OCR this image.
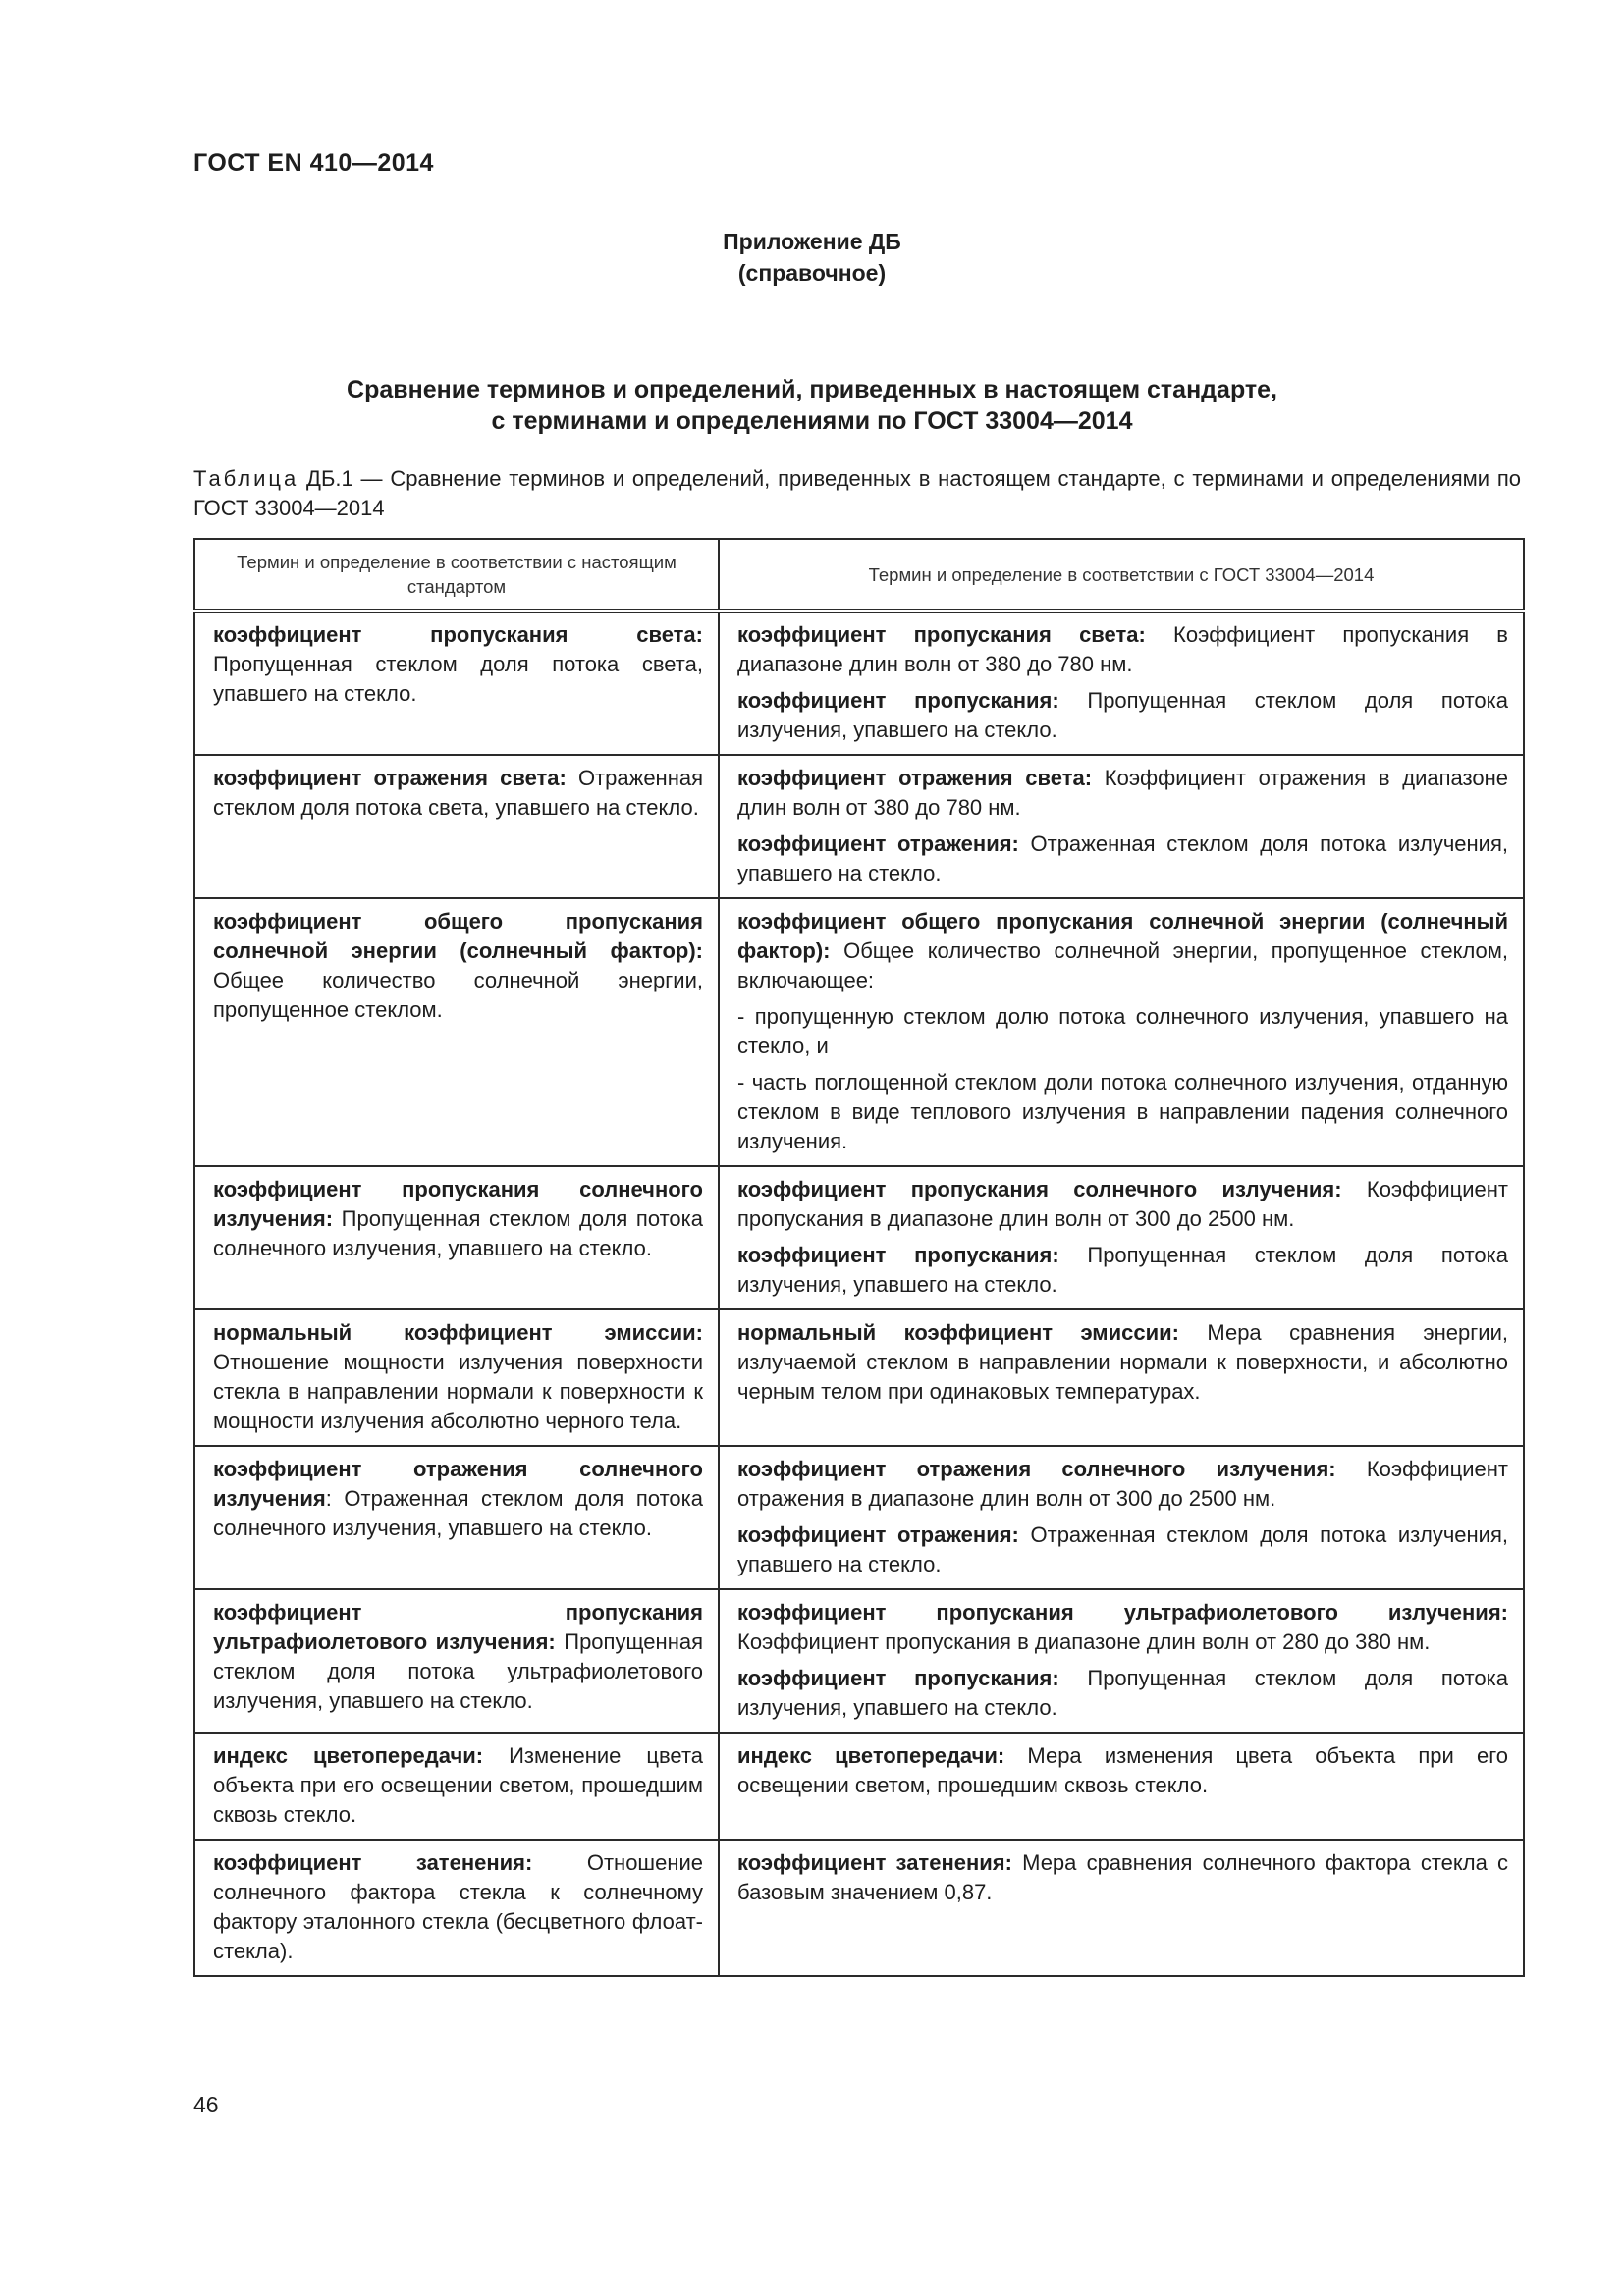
ГОСТ EN 410—2014
Приложение ДБ
(справочное)
Сравнение терминов и определений, приведенных в настоящем стандарте,
с терминами и определениями по ГОСТ 33004—2014
Таблица ДБ.1 — Сравнение терминов и определений, приведенных в настоящем стандарте, с терминами и определениями по ГОСТ 33004—2014
Термин и определение в соответствии с настоящим стандартом	Термин и определение в соответствии с ГОСТ 33004—2014

коэффициент пропускания света: Пропущенная стеклом доля потока света, упавшего на стекло.	коэффициент пропускания света: Коэффициент пропускания в диапазоне длин волн от 380 до 780 нм.

коэффициент пропускания: Пропущенная стеклом доля потока излучения, упавшего на стекло.

коэффициент отражения света: Отраженная стеклом доля потока света, упавшего на стекло.	коэффициент отражения света: Коэффициент отражения в диапазоне длин волн от 380 до 780 нм.

коэффициент отражения: Отраженная стеклом доля потока излучения, упавшего на стекло.

коэффициент общего пропускания солнечной энергии (солнечный фактор): Общее количество солнечной энергии, пропущенное стеклом.	коэффициент общего пропускания солнечной энергии (солнечный фактор): Общее количество солнечной энергии, пропущенное стеклом, включающее:

- пропущенную стеклом долю потока солнечного излучения, упавшего на стекло, и

- часть поглощенной стеклом доли потока солнечного излучения, отданную стеклом в виде теплового излучения в направлении падения солнечного излучения.

коэффициент пропускания солнечного излучения: Пропущенная стеклом доля потока солнечного излучения, упавшего на стекло.	коэффициент пропускания солнечного излучения: Коэффициент пропускания в диапазоне длин волн от 300 до 2500 нм.

коэффициент пропускания: Пропущенная стеклом доля потока излучения, упавшего на стекло.

нормальный коэффициент эмиссии: Отношение мощности излучения поверхности стекла в направлении нормали к поверхности к мощности излучения абсолютно черного тела.	нормальный коэффициент эмиссии: Мера сравнения энергии, излучаемой стеклом в направлении нормали к поверхности, и абсолютно черным телом при одинаковых температурах.

коэффициент отражения солнечного излучения: Отраженная стеклом доля потока солнечного излучения, упавшего на стекло.	коэффициент отражения солнечного излучения: Коэффициент отражения в диапазоне длин волн от 300 до 2500 нм.

коэффициент отражения: Отраженная стеклом доля потока излучения, упавшего на стекло.

коэффициент пропускания ультрафиолетового излучения: Пропущенная стеклом доля потока ультрафиолетового излучения, упавшего на стекло.	коэффициент пропускания ультрафиолетового излучения: Коэффициент пропускания в диапазоне длин волн от 280 до 380 нм.

коэффициент пропускания: Пропущенная стеклом доля потока излучения, упавшего на стекло.

индекс цветопередачи: Изменение цвета объекта при его освещении светом, прошедшим сквозь стекло.	индекс цветопередачи: Мера изменения цвета объекта при его освещении светом, прошедшим сквозь стекло.

коэффициент затенения: Отношение солнечного фактора стекла к солнечному фактору эталонного стекла (бесцветного флоат-стекла).	коэффициент затенения: Мера сравнения солнечного фактора стекла с базовым значением 0,87.

46
